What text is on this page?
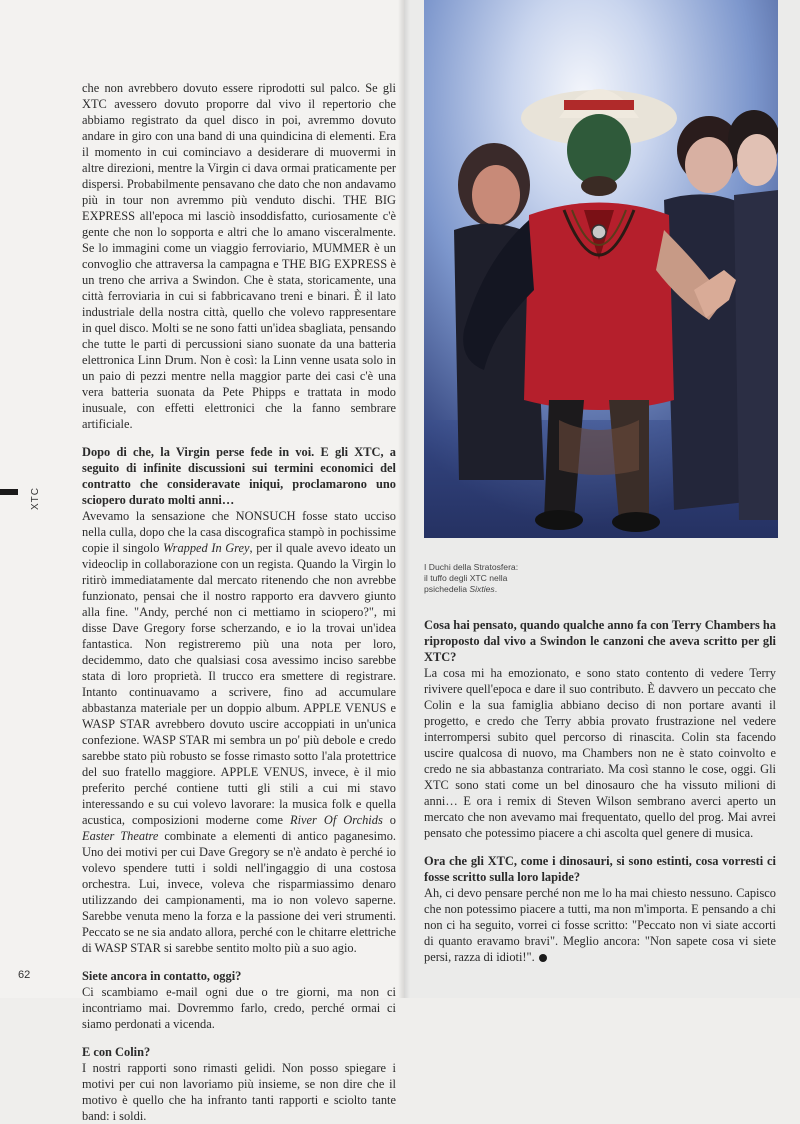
XTC

che non avrebbero dovuto essere riprodotti sul palco. Se gli XTC avessero dovuto proporre dal vivo il repertorio che abbiamo registrato da quel disco in poi, avremmo dovuto andare in giro con una band di una quindicina di elementi. Era il momento in cui cominciavo a desiderare di muovermi in altre direzioni, mentre la Virgin ci dava ormai praticamente per dispersi. Probabilmente pensavano che dato che non andavamo più in tour non avremmo più venduto dischi. THE BIG EXPRESS all'epoca mi lasciò insoddisfatto, curiosamente c'è gente che non lo sopporta e altri che lo amano visceralmente. Se lo immagini come un viaggio ferroviario, MUMMER è un convoglio che attraversa la campagna e THE BIG EXPRESS è un treno che arriva a Swindon. Che è stata, storicamente, una città ferroviaria in cui si fabbricavano treni e binari. È il lato industriale della nostra città, quello che volevo rappresentare in quel disco. Molti se ne sono fatti un'idea sbagliata, pensando che tutte le parti di percussioni siano suonate da una batteria elettronica Linn Drum. Non è così: la Linn venne usata solo in un paio di pezzi mentre nella maggior parte dei casi c'è una vera batteria suonata da Pete Phipps e trattata in modo inusuale, con effetti elettronici che la fanno sembrare artificiale.

Dopo di che, la Virgin perse fede in voi. E gli XTC, a seguito di infinite discussioni sui termini economici del contratto che consideravate iniqui, proclamarono uno sciopero durato molti anni…

Avevamo la sensazione che NONSUCH fosse stato ucciso nella culla, dopo che la casa discografica stampò in pochissime copie il singolo Wrapped In Grey, per il quale avevo ideato un videoclip in collaborazione con un regista. Quando la Virgin lo ritirò immediatamente dal mercato ritenendo che non avrebbe funzionato, pensai che il nostro rapporto era davvero giunto alla fine. "Andy, perché non ci mettiamo in sciopero?", mi disse Dave Gregory forse scherzando, e io la trovai un'idea fantastica. Non registreremo più una nota per loro, decidemmo, dato che qualsiasi cosa avessimo inciso sarebbe stata di loro proprietà. Il trucco era smettere di registrare. Intanto continuavamo a scrivere, fino ad accumulare abbastanza materiale per un doppio album. APPLE VENUS e WASP STAR avrebbero dovuto uscire accoppiati in un'unica confezione. WASP STAR mi sembra un po' più debole e credo sarebbe stato più robusto se fosse rimasto sotto l'ala protettrice del suo fratello maggiore. APPLE VENUS, invece, è il mio preferito perché contiene tutti gli stili a cui mi stavo interessando e su cui volevo lavorare: la musica folk e quella acustica, composizioni moderne come River Of Orchids o Easter Theatre combinate a elementi di antico paganesimo. Uno dei motivi per cui Dave Gregory se n'è andato è perché io volevo spendere tutti i soldi nell'ingaggio di una costosa orchestra. Lui, invece, voleva che risparmiassimo denaro utilizzando dei campionamenti, ma io non volevo saperne. Sarebbe venuta meno la forza e la passione dei veri strumenti. Peccato se ne sia andato allora, perché con le chitarre elettriche di WASP STAR si sarebbe sentito molto più a suo agio.

Siete ancora in contatto, oggi?

Ci scambiamo e-mail ogni due o tre giorni, ma non ci incontriamo mai. Dovremmo farlo, credo, perché ormai ci siamo perdonati a vicenda.

E con Colin?

I nostri rapporti sono rimasti gelidi. Non posso spiegare i motivi per cui non lavoriamo più insieme, se non dire che il motivo è quello che ha infranto tanti rapporti e sciolto tante band: i soldi.

I Duchi della Stratosfera:
il tuffo degli XTC nella
psichedelia Sixties.

Cosa hai pensato, quando qualche anno fa con Terry Chambers ha riproposto dal vivo a Swindon le canzoni che aveva scritto per gli XTC?

La cosa mi ha emozionato, e sono stato contento di vedere Terry rivivere quell'epoca e dare il suo contributo. È davvero un peccato che Colin e la sua famiglia abbiano deciso di non portare avanti il progetto, e credo che Terry abbia provato frustrazione nel vedere interrompersi subito quel percorso di rinascita. Colin sta facendo uscire qualcosa di nuovo, ma Chambers non ne è stato coinvolto e credo ne sia abbastanza contrariato. Ma così stanno le cose, oggi. Gli XTC sono stati come un bel dinosauro che ha vissuto milioni di anni… E ora i remix di Steven Wilson sembrano averci aperto un mercato che non avevamo mai frequentato, quello del prog. Mai avrei pensato che potessimo piacere a chi ascolta quel genere di musica.

Ora che gli XTC, come i dinosauri, si sono estinti, cosa vorresti ci fosse scritto sulla loro lapide?

Ah, ci devo pensare perché non me lo ha mai chiesto nessuno. Capisco che non potessimo piacere a tutti, ma non m'importa. E pensando a chi non ci ha seguito, vorrei ci fosse scritto: "Peccato non vi siate accorti di quanto eravamo bravi". Meglio ancora: "Non sapete cosa vi siete persi, razza di idioti!".

62
